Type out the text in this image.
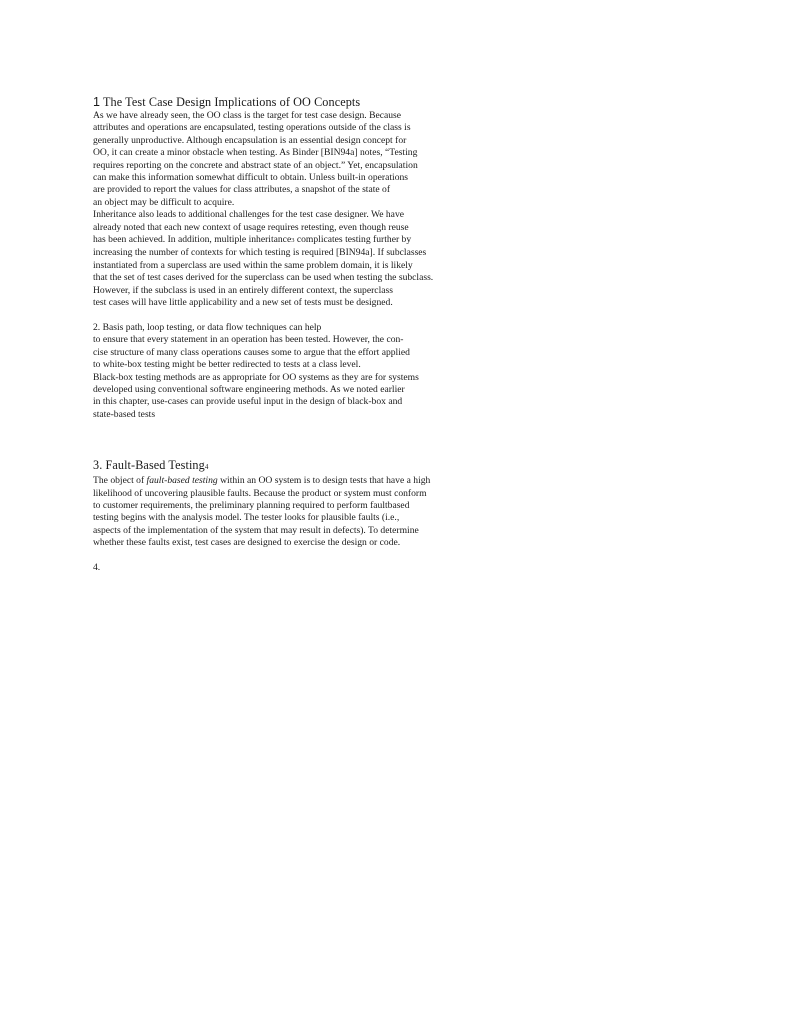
1 The Test Case Design Implications of OO Concepts
As we have already seen, the OO class is the target for test case design. Because
attributes and operations are encapsulated, testing operations outside of the class is
generally unproductive. Although encapsulation is an essential design concept for
OO, it can create a minor obstacle when testing. As Binder [BIN94a] notes, “Testing
requires reporting on the concrete and abstract state of an object.” Yet, encapsulation
can make this information somewhat difficult to obtain. Unless built-in operations
are provided to report the values for class attributes, a snapshot of the state of
an object may be difficult to acquire.
Inheritance also leads to additional challenges for the test case designer. We have
already noted that each new context of usage requires retesting, even though reuse
has been achieved. In addition, multiple inheritance3 complicates testing further by
increasing the number of contexts for which testing is required [BIN94a]. If subclasses
instantiated from a superclass are used within the same problem domain, it is likely
that the set of test cases derived for the superclass can be used when testing the subclass.
However, if the subclass is used in an entirely different context, the superclass
test cases will have little applicability and a new set of tests must be designed.
2. Basis path, loop testing, or data flow techniques can help
to ensure that every statement in an operation has been tested. However, the con-
cise structure of many class operations causes some to argue that the effort applied
to white-box testing might be better redirected to tests at a class level.
Black-box testing methods are as appropriate for OO systems as they are for systems
developed using conventional software engineering methods. As we noted earlier
in this chapter, use-cases can provide useful input in the design of black-box and
state-based tests
3. Fault-Based Testing4
The object of fault-based testing within an OO system is to design tests that have a high
likelihood of uncovering plausible faults. Because the product or system must conform
to customer requirements, the preliminary planning required to perform faultbased
testing begins with the analysis model. The tester looks for plausible faults (i.e.,
aspects of the implementation of the system that may result in defects). To determine
whether these faults exist, test cases are designed to exercise the design or code.
4.
